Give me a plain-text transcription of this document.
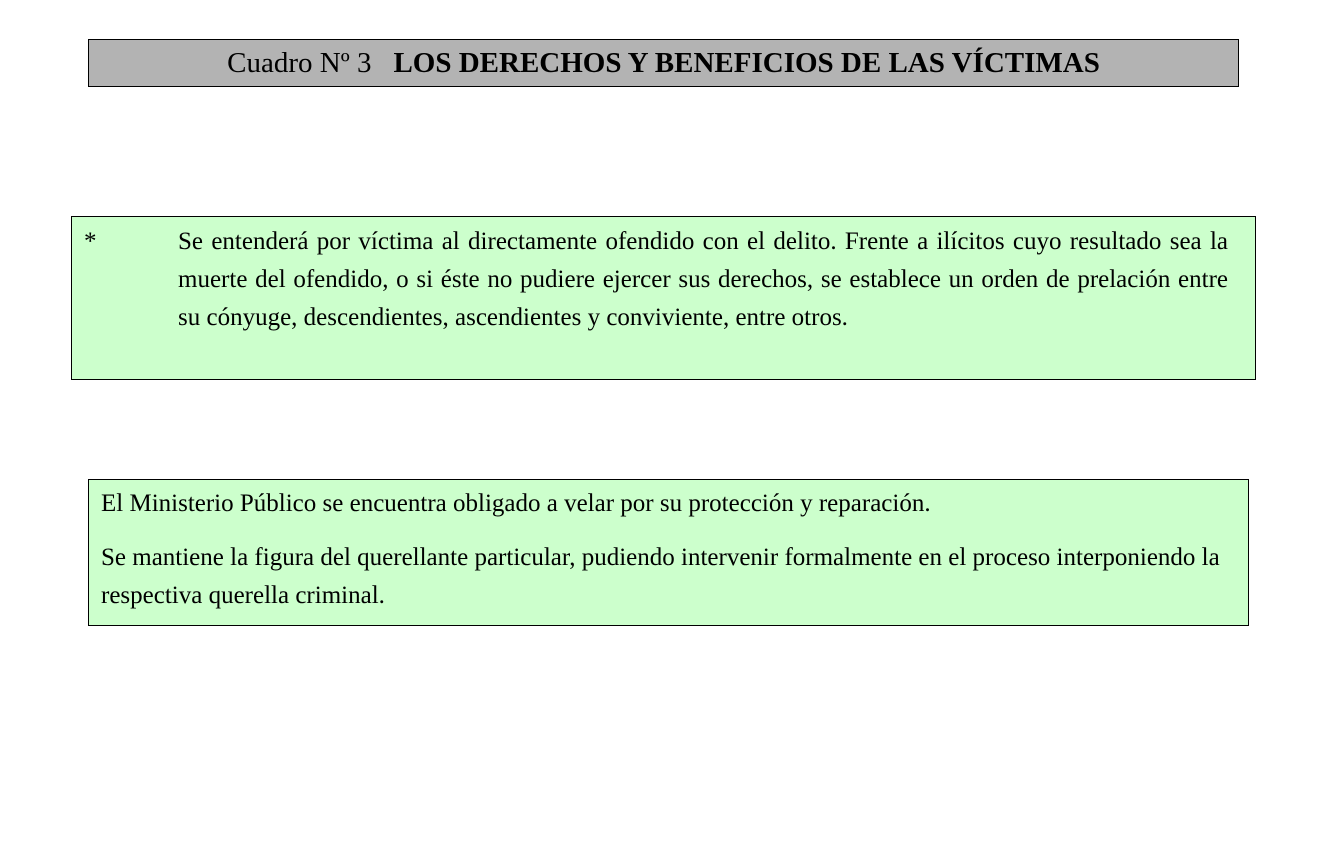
Cuadro Nº 3 LOS DERECHOS Y BENEFICIOS DE LAS VÍCTIMAS
*	Se entenderá por víctima al directamente ofendido con el delito. Frente a ilícitos cuyo resultado sea la muerte del ofendido, o si éste no pudiere ejercer sus derechos, se establece un orden de prelación entre su cónyuge, descendientes, ascendientes y conviviente, entre otros.

El Ministerio Público se encuentra obligado a velar por su protección y reparación.

Se mantiene la figura del querellante particular, pudiendo intervenir formalmente en el proceso interponiendo la respectiva querella criminal.
